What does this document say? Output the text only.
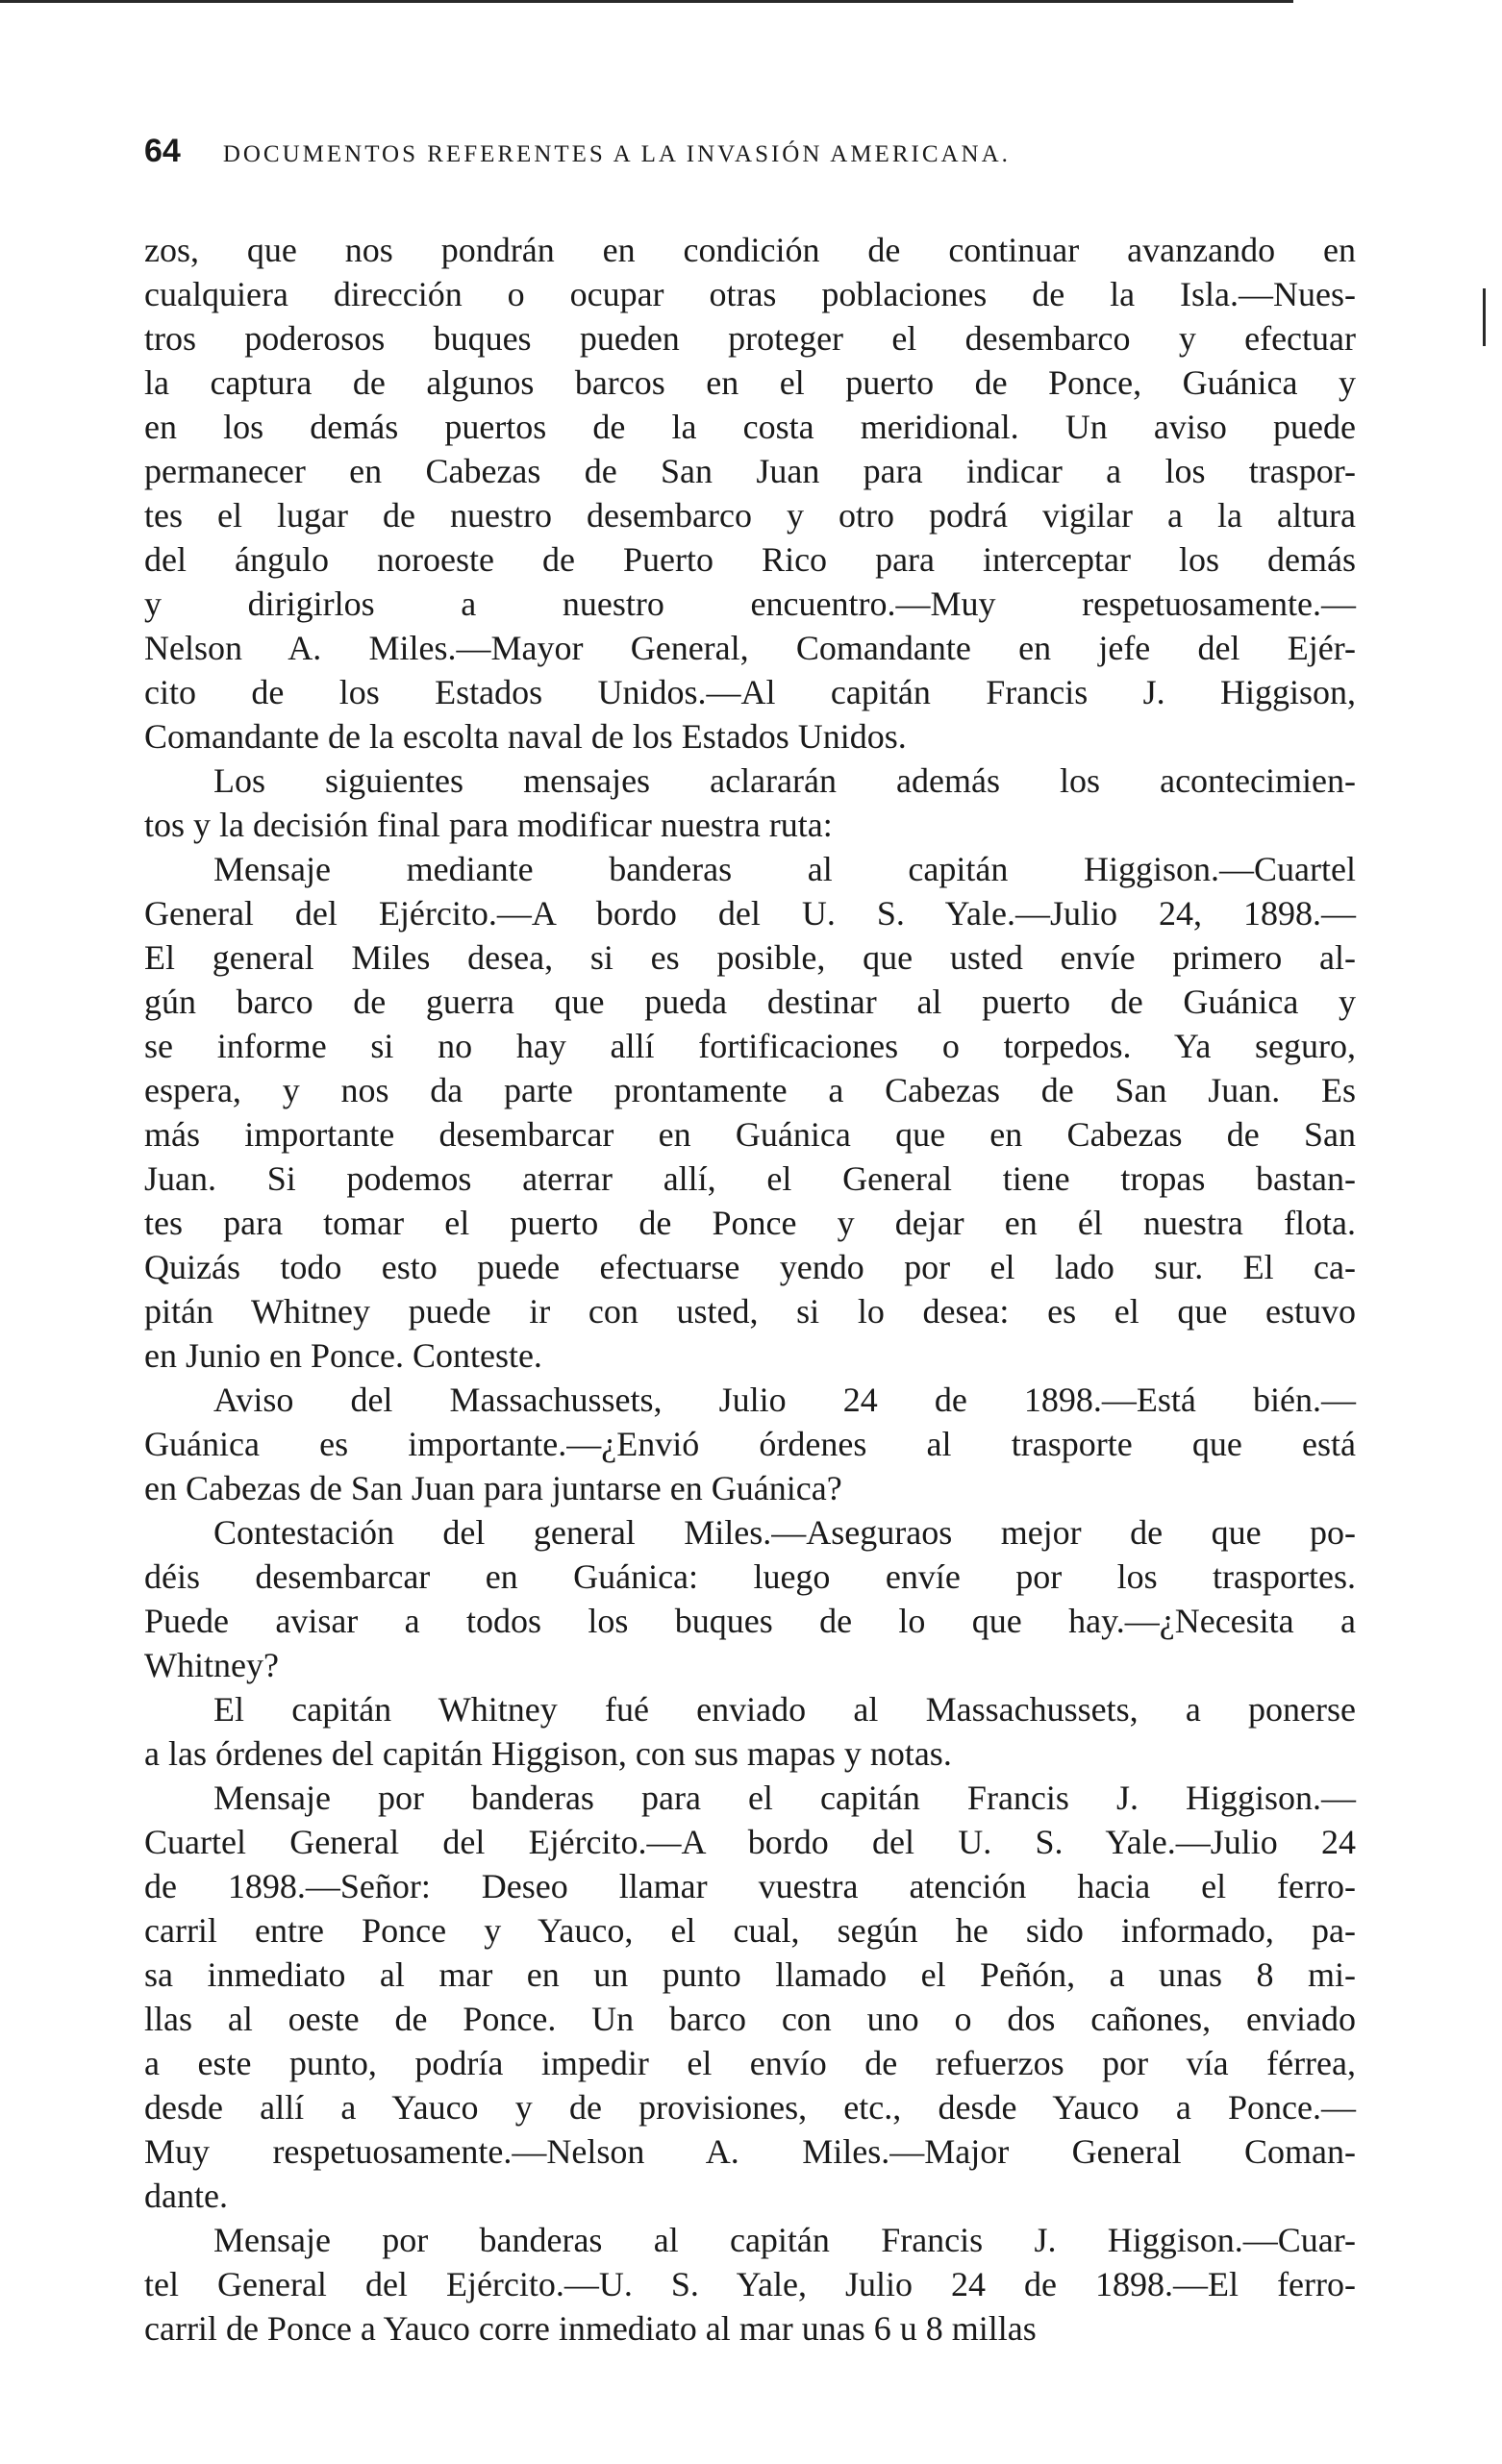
64 DOCUMENTOS REFERENTES A LA INVASIÓN AMERICANA.

zos, que nos pondrán en condición de continuar avanzando en
cualquiera dirección o ocupar otras poblaciones de la Isla.—Nues-
tros poderosos buques pueden proteger el desembarco y efectuar
la captura de algunos barcos en el puerto de Ponce, Guánica y
en los demás puertos de la costa meridional. Un aviso puede
permanecer en Cabezas de San Juan para indicar a los traspor-
tes el lugar de nuestro desembarco y otro podrá vigilar a la altura
del ángulo noroeste de Puerto Rico para interceptar los demás
y dirigirlos a nuestro encuentro.—Muy respetuosamente.—
Nelson A. Miles.—Mayor General, Comandante en jefe del Ejér-
cito de los Estados Unidos.—Al capitán Francis J. Higgison,
Comandante de la escolta naval de los Estados Unidos.

Los siguientes mensajes aclararán además los acontecimien-
tos y la decisión final para modificar nuestra ruta:

Mensaje mediante banderas al capitán Higgison.—Cuartel
General del Ejército.—A bordo del U. S. Yale.—Julio 24, 1898.—
El general Miles desea, si es posible, que usted envíe primero al-
gún barco de guerra que pueda destinar al puerto de Guánica y
se informe si no hay allí fortificaciones o torpedos. Ya seguro,
espera, y nos da parte prontamente a Cabezas de San Juan. Es
más importante desembarcar en Guánica que en Cabezas de San
Juan. Si podemos aterrar allí, el General tiene tropas bastan-
tes para tomar el puerto de Ponce y dejar en él nuestra flota.
Quizás todo esto puede efectuarse yendo por el lado sur. El ca-
pitán Whitney puede ir con usted, si lo desea: es el que estuvo
en Junio en Ponce. Conteste.

Aviso del Massachussets, Julio 24 de 1898.—Está bién.—
Guánica es importante.—¿Envió órdenes al trasporte que está
en Cabezas de San Juan para juntarse en Guánica?

Contestación del general Miles.—Aseguraos mejor de que po-
déis desembarcar en Guánica: luego envíe por los trasportes.
Puede avisar a todos los buques de lo que hay.—¿Necesita a
Whitney?

El capitán Whitney fué enviado al Massachussets, a ponerse
a las órdenes del capitán Higgison, con sus mapas y notas.

Mensaje por banderas para el capitán Francis J. Higgison.—
Cuartel General del Ejército.—A bordo del U. S. Yale.—Julio 24
de 1898.—Señor: Deseo llamar vuestra atención hacia el ferro-
carril entre Ponce y Yauco, el cual, según he sido informado, pa-
sa inmediato al mar en un punto llamado el Peñón, a unas 8 mi-
llas al oeste de Ponce. Un barco con uno o dos cañones, enviado
a este punto, podría impedir el envío de refuerzos por vía férrea,
desde allí a Yauco y de provisiones, etc., desde Yauco a Ponce.—
Muy respetuosamente.—Nelson A. Miles.—Major General Coman-
dante.

Mensaje por banderas al capitán Francis J. Higgison.—Cuar-
tel General del Ejército.—U. S. Yale, Julio 24 de 1898.—El ferro-
carril de Ponce a Yauco corre inmediato al mar unas 6 u 8 millas
